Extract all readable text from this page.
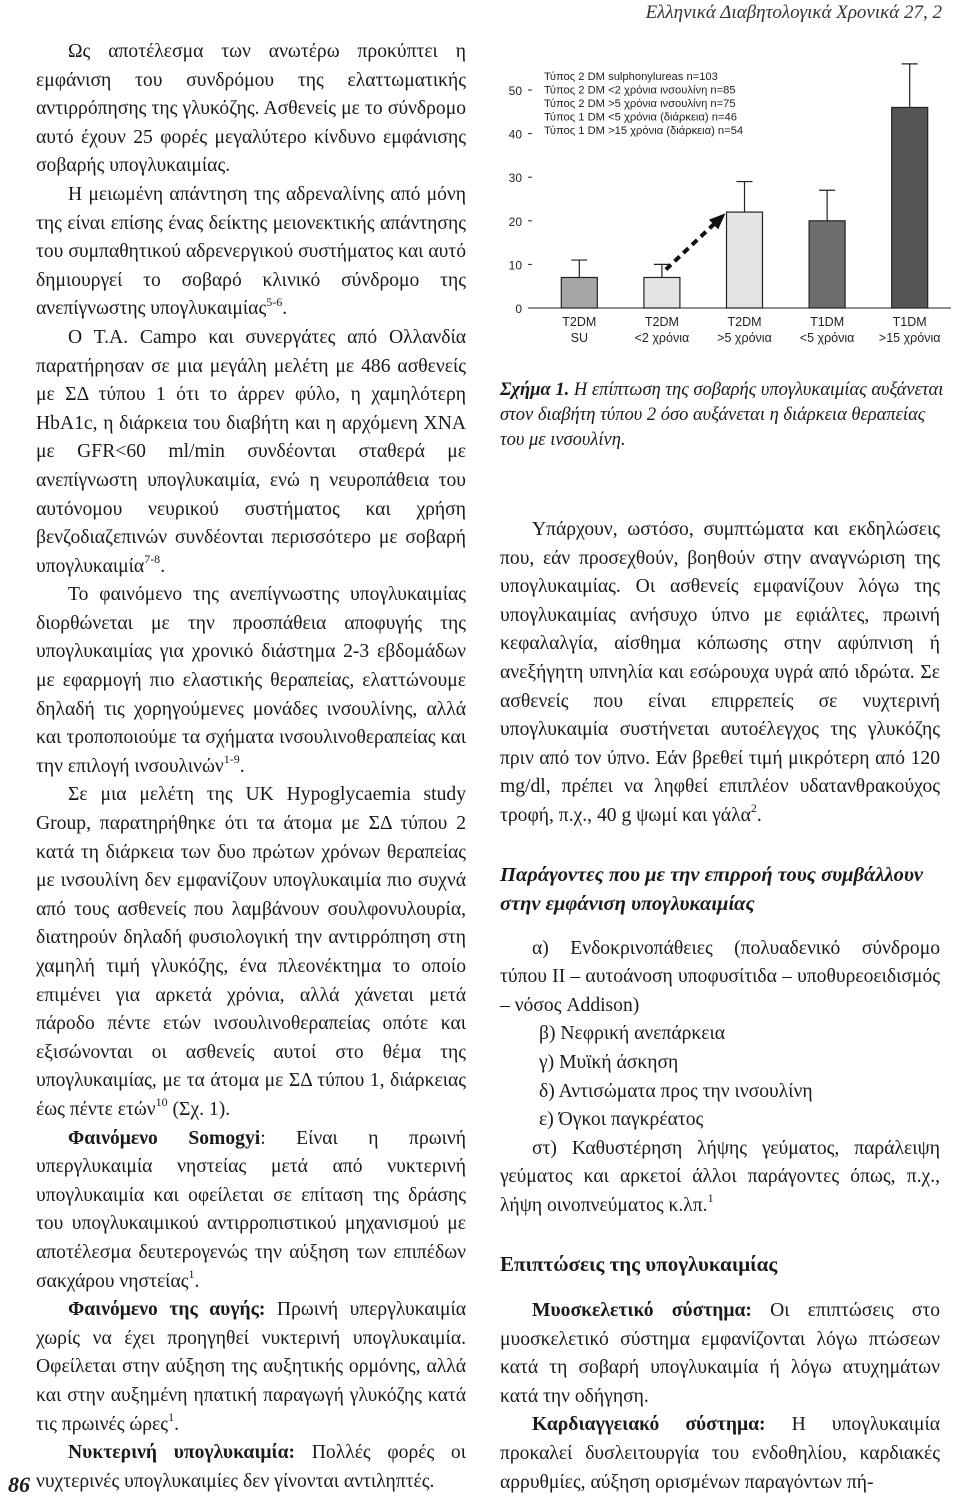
Ελληνικά Διαβητολογικά Χρονικά 27, 2

Ως αποτέλεσμα των ανωτέρω προκύπτει η εμφάνιση του συνδρόμου της ελαττωματικής αντιρρόπησης της γλυκόζης. Ασθενείς με το σύνδρομο αυτό έχουν 25 φορές μεγαλύτερο κίνδυνο εμφάνισης σοβαρής υπογλυκαιμίας.

Η μειωμένη απάντηση της αδρεναλίνης από μόνη της είναι επίσης ένας δείκτης μειονεκτικής απάντησης του συμπαθητικού αδρενεργικού συστήματος και αυτό δημιουργεί το σοβαρό κλινικό σύνδρομο της ανεπίγνωστης υπογλυκαιμίας$^{5-6}$.

Ο Τ.Α. Campo και συνεργάτες από Ολλανδία παρατήρησαν σε μια μεγάλη μελέτη με 486 ασθενείς με ΣΔ τύπου 1 ότι το άρρεν φύλο, η χαμηλότερη HbA1c, η διάρκεια του διαβήτη και η αρχόμενη ΧΝΑ με GFR<60 ml/min συνδέονται σταθερά με ανεπίγνωστη υπογλυκαιμία, ενώ η νευροπάθεια του αυτόνομου νευρικού συστήματος και χρήση βενζοδιαζεπινών συνδέονται περισσότερο με σοβαρή υπογλυκαιμία$^{7-8}$.

Το φαινόμενο της ανεπίγνωστης υπογλυκαιμίας διορθώνεται με την προσπάθεια αποφυγής της υπογλυκαιμίας για χρονικό διάστημα 2-3 εβδομάδων με εφαρμογή πιο ελαστικής θεραπείας, ελαττώνουμε δηλαδή τις χορηγούμενες μονάδες ινσουλίνης, αλλά και τροποποιούμε τα σχήματα ινσουλινοθεραπείας και την επιλογή ινσουλινών$^{1-9}$.

Σε μια μελέτη της UK Hypoglycaemia study Group, παρατηρήθηκε ότι τα άτομα με ΣΔ τύπου 2 κατά τη διάρκεια των δυο πρώτων χρόνων θεραπείας με ινσουλίνη δεν εμφανίζουν υπογλυκαιμία πιο συχνά από τους ασθενείς που λαμβάνουν σουλφονυλουρία, διατηρούν δηλαδή φυσιολογική την αντιρρόπηση στη χαμηλή τιμή γλυκόζης, ένα πλεονέκτημα το οποίο επιμένει για αρκετά χρόνια, αλλά χάνεται μετά πάροδο πέντε ετών ινσουλινοθεραπείας οπότε και εξισώνονται οι ασθενείς αυτοί στο θέμα της υπογλυκαιμίας, με τα άτομα με ΣΔ τύπου 1, διάρκειας έως πέντε ετών$^{10}$ (Σχ. 1).

Φαινόμενο Somogyi: Είναι η πρωινή υπεργλυκαιμία νηστείας μετά από νυκτερινή υπογλυκαιμία και οφείλεται σε επίταση της δράσης του υπογλυκαιμικού αντιρροπιστικού μηχανισμού με αποτέλεσμα δευτερογενώς την αύξηση των επιπέδων σακχάρου νηστείας$^1$.

Φαινόμενο της αυγής: Πρωινή υπεργλυκαιμία χωρίς να έχει προηγηθεί νυκτερινή υπογλυκαιμία. Οφείλεται στην αύξηση της αυξητικής ορμόνης, αλλά και στην αυξημένη ηπατική παραγωγή γλυκόζης κατά τις πρωινές ώρες$^1$.

Νυκτερινή υπογλυκαιμία: Πολλές φορές οι νυχτερινές υπογλυκαιμίες δεν γίνονται αντιληπτές.

0
10
20
30
40
50
Τύπος 2 DM sulphonylureas n=103
Τύπος 2 DM <2 χρόνια ινσουλίνη n=85
Τύπος 2 DM >5 χρόνια ινσουλίνη n=75
Τύπος 1 DM <5 χρόνια (διάρκεια) n=46
Τύπος 1 DM >15 χρόνια (διάρκεια) n=54
T2DM
SU
T2DM
<2 χρόνια
T2DM
>5 χρόνια
T1DM
<5 χρόνια
T1DM
>15 χρόνια
Σχήμα 1. Η επίπτωση της σοβαρής υπογλυκαιμίας αυξάνεται στον διαβήτη τύπου 2 όσο αυξάνεται η διάρκεια θεραπείας του με ινσουλίνη.

Υπάρχουν, ωστόσο, συμπτώματα και εκδηλώσεις που, εάν προσεχθούν, βοηθούν στην αναγνώριση της υπογλυκαιμίας. Οι ασθενείς εμφανίζουν λόγω της υπογλυκαιμίας ανήσυχο ύπνο με εφιάλτες, πρωινή κεφαλαλγία, αίσθημα κόπωσης στην αφύπνιση ή ανεξήγητη υπνηλία και εσώρουχα υγρά από ιδρώτα. Σε ασθενείς που είναι επιρρεπείς σε νυχτερινή υπογλυκαιμία συστήνεται αυτοέλεγχος της γλυκόζης πριν από τον ύπνο. Εάν βρεθεί τιμή μικρότερη από 120 mg/dl, πρέπει να ληφθεί επιπλέον υδατανθρακούχος τροφή, π.χ., 40 g ψωμί και γάλα$^2$.

Παράγοντες που με την επιρροή τους συμβάλλουν στην εμφάνιση υπογλυκαιμίας

α) Ενδοκρινοπάθειες (πολυαδενικό σύνδρομο τύπου ΙΙ – αυτοάνοση υποφυσίτιδα – υποθυρεοειδισμός – νόσος Addison)

β) Νεφρική ανεπάρκεια

γ) Μυϊκή άσκηση

δ) Αντισώματα προς την ινσουλίνη

ε) Όγκοι παγκρέατος

στ) Καθυστέρηση λήψης γεύματος, παράλειψη γεύματος και αρκετοί άλλοι παράγοντες όπως, π.χ., λήψη οινοπνεύματος κ.λπ.$^1$

Επιπτώσεις της υπογλυκαιμίας

Μυοσκελετικό σύστημα: Οι επιπτώσεις στο μυοσκελετικό σύστημα εμφανίζονται λόγω πτώσεων κατά τη σοβαρή υπογλυκαιμία ή λόγω ατυχημάτων κατά την οδήγηση.

Καρδιαγγειακό σύστημα: Η υπογλυκαιμία προκαλεί δυσλειτουργία του ενδοθηλίου, καρδιακές αρρυθμίες, αύξηση ορισμένων παραγόντων πή-

86
